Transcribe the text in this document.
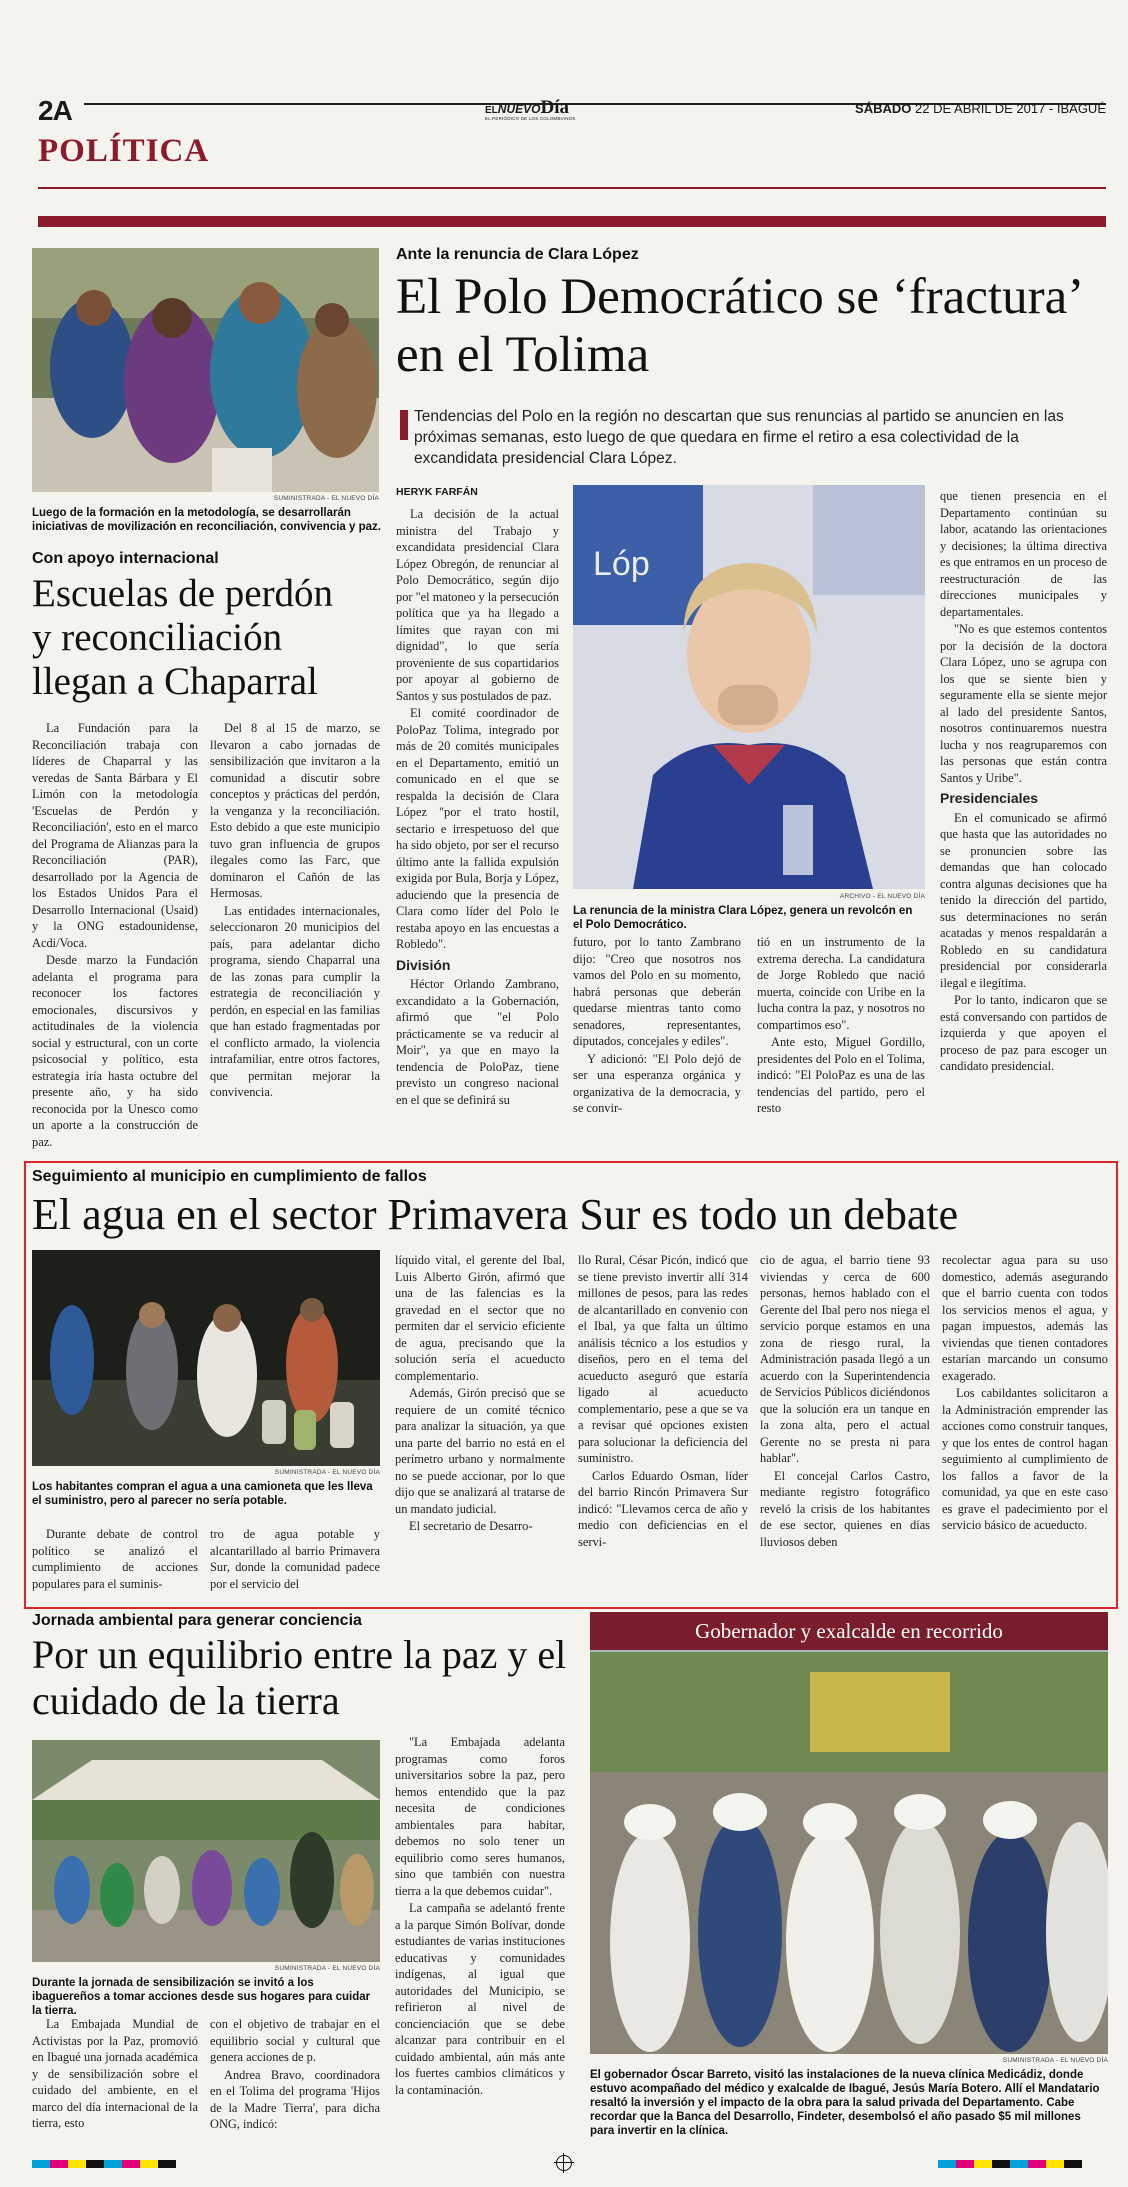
2A	ELNUEVODía
EL PERIÓDICO DE LOS COLOMBIANOS
SÁBADO 22 DE ABRIL DE 2017 - IBAGUÉ
POLÍTICA
SUMINISTRADA - EL NUEVO DÍA
Luego de la formación en la metodología, se desarrollarán iniciativas de movilización en reconciliación, convivencia y paz.
Con apoyo internacional
Escuelas de perdón y reconciliación llegan a Chaparral

La Fundación para la Reconciliación trabaja con líderes de Chaparral y las veredas de Santa Bárbara y El Limón con la metodología 'Escuelas de Perdón y Reconciliación', esto en el marco del Programa de Alianzas para la Reconciliación (PAR), desarrollado por la Agencia de los Estados Unidos Para el Desarrollo Internacional (Usaid) y la ONG estadounidense, Acdi/Voca.

Desde marzo la Fundación adelanta el programa para reconocer los factores emocionales, discursivos y actitudinales de la violencia social y estructural, con un corte psicosocial y político, esta estrategia iría hasta octubre del presente año, y ha sido reconocida por la Unesco como un aporte a la construcción de paz.

Del 8 al 15 de marzo, se llevaron a cabo jornadas de sensibilización que invitaron a la comunidad a discutir sobre conceptos y prácticas del perdón, la venganza y la reconciliación. Esto debido a que este municipio tuvo gran influencia de grupos ilegales como las Farc, que dominaron el Cañón de las Hermosas.

Las entidades internacionales, seleccionaron 20 municipios del país, para adelantar dicho programa, siendo Chaparral una de las zonas para cumplir la estrategia de reconciliación y perdón, en especial en las familias que han estado fragmentadas por el conflicto armado, la violencia intrafamiliar, entre otros factores, que permitan mejorar la convivencia.

Ante la renuncia de Clara López
El Polo Democrático se ‘fractura’ en el Tolima
Tendencias del Polo en la región no descartan que sus renuncias al partido se anuncien en las próximas semanas, esto luego de que quedara en firme el retiro a esa colectividad de la excandidata presidencial Clara López.
HERYK FARFÁN

La decisión de la actual ministra del Trabajo y excandidata presidencial Clara López Obregón, de renunciar al Polo Democrático, según dijo por "el matoneo y la persecución política que ya ha llegado a límites que rayan con mi dignidad", lo que sería proveniente de sus copartidarios por apoyar al gobierno de Santos y sus postulados de paz.

El comité coordinador de PoloPaz Tolima, integrado por más de 20 comités municipales en el Departamento, emitió un comunicado en el que se respalda la decisión de Clara López "por el trato hostil, sectario e irrespetuoso del que ha sido objeto, por ser el recurso último ante la fallida expulsión exigida por Bula, Borja y López, aduciendo que la presencia de Clara como líder del Polo le restaba apoyo en las encuestas a Robledo".

División

Héctor Orlando Zambrano, excandidato a la Gobernación, afirmó que "el Polo prácticamente se va reducir al Moir", ya que en mayo la tendencia de PoloPaz, tiene previsto un congreso nacional en el que se definirá su

Lóp
ARCHIVO - EL NUEVO DÍA
La renuncia de la ministra Clara López, genera un revolcón en el Polo Democrático.

futuro, por lo tanto Zambrano dijo: "Creo que nosotros nos vamos del Polo en su momento, habrá personas que deberán quedarse mientras tanto como senadores, representantes, diputados, concejales y ediles".

Y adicionó: "El Polo dejó de ser una esperanza orgánica y organizativa de la democracia, y se convir-

tió en un instrumento de la extrema derecha. La candidatura de Jorge Robledo que nació muerta, coincide con Uribe en la lucha contra la paz, y nosotros no compartimos eso".

Ante esto, Miguel Gordillo, presidentes del Polo en el Tolima, indicó: "El PoloPaz es una de las tendencias del partido, pero el resto

que tienen presencia en el Departamento continúan su labor, acatando las orientaciones y decisiones; la última directiva es que entramos en un proceso de reestructuración de las direcciones municipales y departamentales.

"No es que estemos contentos por la decisión de la doctora Clara López, uno se agrupa con los que se siente bien y seguramente ella se siente mejor al lado del presidente Santos, nosotros continuaremos nuestra lucha y nos reagruparemos con las personas que están contra Santos y Uribe".

Presidenciales

En el comunicado se afirmó que hasta que las autoridades no se pronuncien sobre las demandas que han colocado contra algunas decisiones que ha tenido la dirección del partido, sus determinaciones no serán acatadas y menos respaldarán a Robledo en su candidatura presidencial por considerarla ilegal e ilegítima.

Por lo tanto, indicaron que se está conversando con partidos de izquierda y que apoyen el proceso de paz para escoger un candidato presidencial.

Seguimiento al municipio en cumplimiento de fallos
El agua en el sector Primavera Sur es todo un debate
SUMINISTRADA - EL NUEVO DÍA
Los habitantes compran el agua a una camioneta que les lleva el suministro, pero al parecer no sería potable.

Durante debate de control político se analizó el cumplimiento de acciones populares para el suminis-

tro de agua potable y alcantarillado al barrio Primavera Sur, donde la comunidad padece por el servicio del

líquido vital, el gerente del Ibal, Luis Alberto Girón, afirmó que una de las falencias es la gravedad en el sector que no permiten dar el servicio eficiente de agua, precisando que la solución sería el acueducto complementario.

Además, Girón precisó que se requiere de un comité técnico para analizar la situación, ya que una parte del barrio no está en el perímetro urbano y normalmente no se puede accionar, por lo que dijo que se analizará al tratarse de un mandato judicial.

El secretario de Desarro-

llo Rural, César Picón, indicó que se tiene previsto invertir allí 314 millones de pesos, para las redes de alcantarillado en convenio con el Ibal, ya que falta un último análisis técnico a los estudios y diseños, pero en el tema del acueducto aseguró que estaría ligado al acueducto complementario, pese a que se va a revisar qué opciones existen para solucionar la deficiencia del suministro.

Carlos Eduardo Osman, líder del barrio Rincón Primavera Sur indicó: "Llevamos cerca de año y medio con deficiencias en el servi-

cio de agua, el barrio tiene 93 viviendas y cerca de 600 personas, hemos hablado con el Gerente del Ibal pero nos niega el servicio porque estamos en una zona de riesgo rural, la Administración pasada llegó a un acuerdo con la Superintendencia de Servicios Públicos diciéndonos que la solución era un tanque en la zona alta, pero el actual Gerente no se presta ni para hablar".

El concejal Carlos Castro, mediante registro fotográfico reveló la crisis de los habitantes de ese sector, quienes en días lluviosos deben

recolectar agua para su uso domestico, además asegurando que el barrio cuenta con todos los servicios menos el agua, y pagan impuestos, además las viviendas que tienen contadores estarían marcando un consumo exagerado.

Los cabildantes solicitaron a la Administración emprender las acciones como construir tanques, y que los entes de control hagan seguimiento al cumplimiento de los fallos a favor de la comunidad, ya que en este caso es grave el padecimiento por el servicio básico de acueducto.

Jornada ambiental para generar conciencia
Por un equilibrio entre la paz y el cuidado de la tierra
SUMINISTRADA - EL NUEVO DÍA
Durante la jornada de sensibilización se invitó a los ibaguereños a tomar acciones desde sus hogares para cuidar la tierra.

La Embajada Mundial de Activistas por la Paz, promovió en Ibagué una jornada académica y de sensibilización sobre el cuidado del ambiente, en el marco del día internacional de la tierra, esto

con el objetivo de trabajar en el equilibrio social y cultural que genera acciones de p.

Andrea Bravo, coordinadora en el Tolima del programa 'Hijos de la Madre Tierra', para dicha ONG, indicó:

"La Embajada adelanta programas como foros universitarios sobre la paz, pero hemos entendido que la paz necesita de condiciones ambientales para habitar, debemos no solo tener un equilibrio como seres humanos, sino que también con nuestra tierra a la que debemos cuidar".

La campaña se adelantó frente a la parque Simón Bolívar, donde estudiantes de varias instituciones educativas y comunidades indígenas, al igual que autoridades del Municipio, se refirieron al nivel de concienciación que se debe alcanzar para contribuir en el cuidado ambiental, aún más ante los fuertes cambios climáticos y la contaminación.

Gobernador y exalcalde en recorrido
SUMINISTRADA - EL NUEVO DÍA
El gobernador Óscar Barreto, visitó las instalaciones de la nueva clínica Medicádiz, donde estuvo acompañado del médico y exalcalde de Ibagué, Jesús María Botero. Allí el Mandatario resaltó la inversión y el impacto de la obra para la salud privada del Departamento. Cabe recordar que la Banca del Desarrollo, Findeter, desembolsó el año pasado $5 mil millones para invertir en la clínica.
